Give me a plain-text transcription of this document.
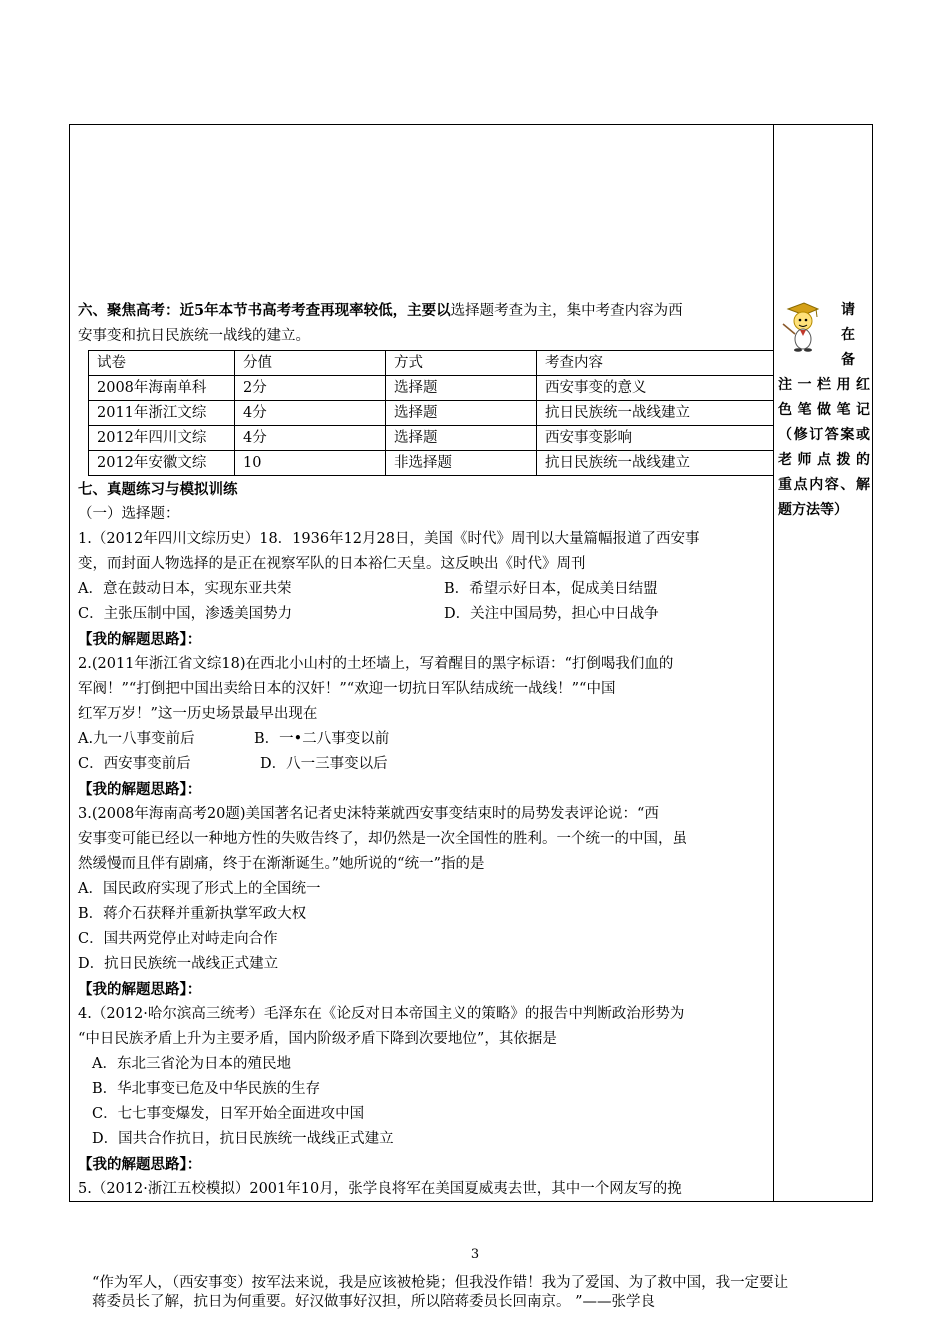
六、聚焦高考：近5年本节书高考考查再现率较低，主要以选择题考查为主，集中考查内容为西

安事变和抗日民族统一战线的建立。

试卷	分值	方式	考查内容
2008年海南单科	2分	选择题	西安事变的意义
2011年浙江文综	4分	选择题	抗日民族统一战线建立
2012年四川文综	4分	选择题	西安事变影响
2012年安徽文综	10	非选择题	抗日民族统一战线建立

七、真题练习与模拟训练

（一）选择题：

1.（2012年四川文综历史）18．1936年12月28日，美国《时代》周刊以大量篇幅报道了西安事

变，而封面人物选择的是正在视察军队的日本裕仁天皇。这反映出《时代》周刊

A．意在鼓动日本，实现东亚共荣	B．希望示好日本，促成美日结盟

C．主张压制中国，渗透美国势力	D．关注中国局势，担心中日战争

【我的解题思路】：

2.(2011年浙江省文综18)在西北小山村的土坯墙上，写着醒目的黑字标语：“打倒喝我们血的

军阀！”“打倒把中国出卖给日本的汉奸！”“欢迎一切抗日军队结成统一战线！”“中国

红军万岁！”这一历史场景最早出现在

A.九一八事变前后	B．一•二八事变以前

C．西安事变前后	D．八一三事变以后

【我的解题思路】：

3.(2008年海南高考20题)美国著名记者史沫特莱就西安事变结束时的局势发表评论说：“西

安事变可能已经以一种地方性的失败告终了，却仍然是一次全国性的胜利。一个统一的中国，虽

然缓慢而且伴有剧痛，终于在渐渐诞生。”她所说的“统一”指的是

A．国民政府实现了形式上的全国统一

B．蒋介石获释并重新执掌军政大权

C．国共两党停止对峙走向合作

D．抗日民族统一战线正式建立

【我的解题思路】：

4.（2012·哈尔滨高三统考）毛泽东在《论反对日本帝国主义的策略》的报告中判断政治形势为

“中日民族矛盾上升为主要矛盾，国内阶级矛盾下降到次要地位”，其依据是

A．东北三省沦为日本的殖民地

B．华北事变已危及中华民族的生存

C．七七事变爆发，日军开始全面进攻中国

D．国共合作抗日，抗日民族统一战线正式建立

【我的解题思路】：

5.（2012·浙江五校模拟）2001年10月，张学良将军在美国夏威夷去世，其中一个网友写的挽

请

在

备

注一栏用红

色笔做笔记

（修订答案或

老师点拨的

重点内容、解

题方法等）

3

“作为军人，（西安事变）按军法来说，我是应该被枪毙；但我没作错！我为了爱国、为了救中国，我一定要让

蒋委员长了解，抗日为何重要。好汉做事好汉担，所以陪蒋委员长回南京。 ”——张学良
